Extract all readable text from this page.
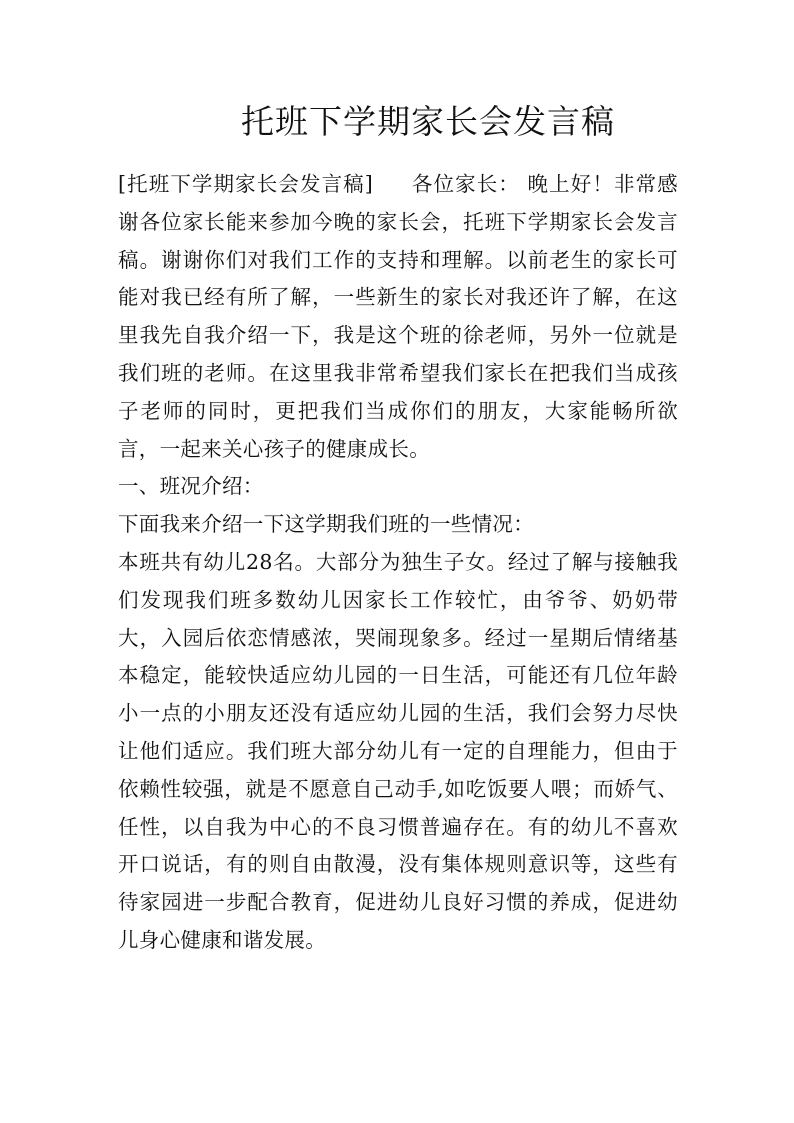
托班下学期家长会发言稿

[托班下学期家长会发言稿] 各位家长： 晚上好！非常感谢各位家长能来参加今晚的家长会，托班下学期家长会发言稿。谢谢你们对我们工作的支持和理解。以前老生的家长可能对我已经有所了解，一些新生的家长对我还许了解，在这里我先自我介绍一下，我是这个班的徐老师，另外一位就是我们班的老师。在这里我非常希望我们家长在把我们当成孩子老师的同时，更把我们当成你们的朋友，大家能畅所欲言，一起来关心孩子的健康成长。

一、班况介绍：

下面我来介绍一下这学期我们班的一些情况：

本班共有幼儿28名。大部分为独生子女。经过了解与接触我们发现我们班多数幼儿因家长工作较忙，由爷爷、奶奶带大，入园后依恋情感浓，哭闹现象多。经过一星期后情绪基本稳定，能较快适应幼儿园的一日生活，可能还有几位年龄小一点的小朋友还没有适应幼儿园的生活，我们会努力尽快让他们适应。我们班大部分幼儿有一定的自理能力，但由于依赖性较强，就是不愿意自己动手,如吃饭要人喂；而娇气、任性，以自我为中心的不良习惯普遍存在。有的幼儿不喜欢开口说话，有的则自由散漫，没有集体规则意识等，这些有待家园进一步配合教育，促进幼儿良好习惯的养成，促进幼儿身心健康和谐发展。
